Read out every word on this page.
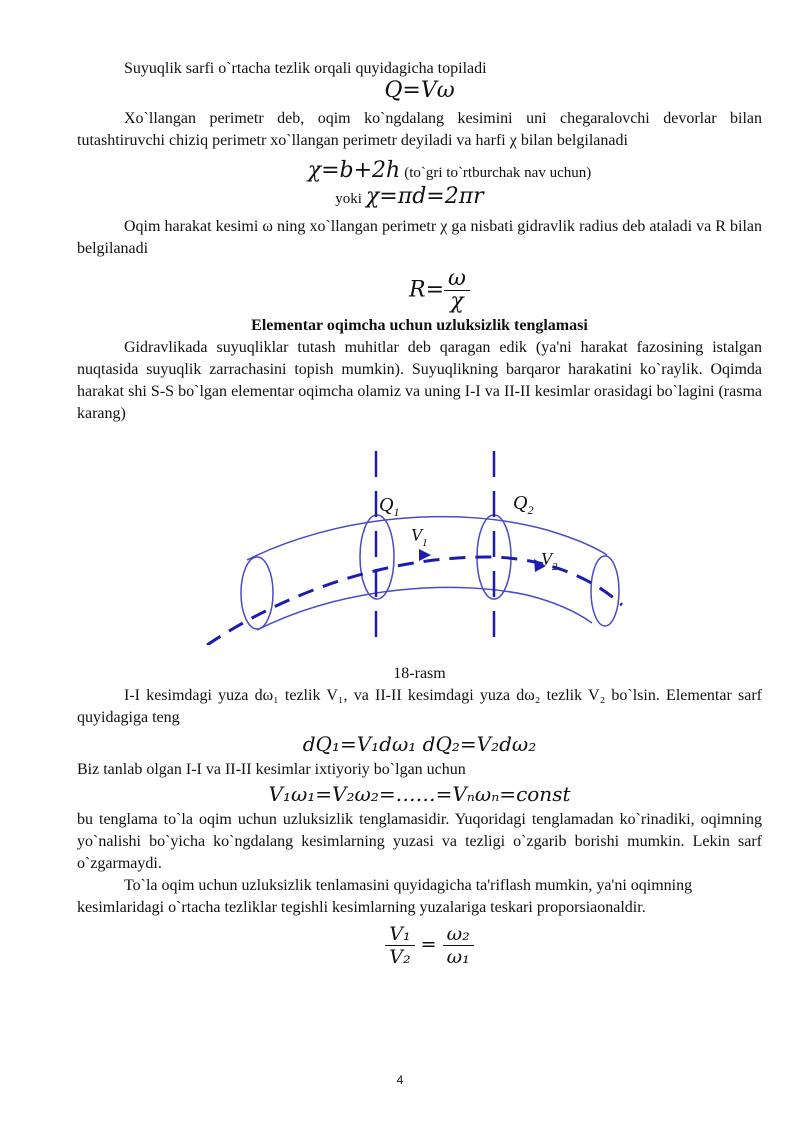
Suyuqlik sarfi o`rtacha tezlik orqali quyidagicha topiladi

Q=Vω

Xo`llangan perimetr deb, oqim ko`ngdalang kesimini uni chegaralovchi devorlar bilan tutashtiruvchi chiziq perimetr xo`llangan perimetr deyiladi va harfi χ bilan belgilanadi

χ=b+2h (to`gri to`rtburchak nav uchun)

yoki χ=πd=2πr

Oqim harakat kesimi ω ning xo`llangan perimetr χ ga nisbati gidravlik radius deb ataladi va R bilan belgilanadi

$R= \frac{\omega}{\chi}$

Elementar oqimcha uchun uzluksizlik tenglamasi

Gidravlikada suyuqliklar tutash muhitlar deb qaragan edik (ya'ni harakat fazosining istalgan nuqtasida suyuqlik zarrachasini topish mumkin). Suyuqlikning barqaror harakatini ko`raylik. Oqimda harakat shi S-S bo`lgan elementar oqimcha olamiz va uning I-I va II-II kesimlar orasidagi bo`lagini (rasma karang)

$Q_1$	$Q_2$
$V_1$
$V_2$
18-rasm

I-I kesimdagi yuza dω₁ tezlik V₁, va II-II kesimdagi yuza dω₂ tezlik V₂ bo`lsin. Elementar sarf quyidagiga teng

dQ₁=V₁dω₁ dQ₂=V₂dω₂

Biz tanlab olgan I-I va II-II kesimlar ixtiyoriy bo`lgan uchun

V₁ω₁=V₂ω₂=……=Vₙωₙ=const

bu tenglama to`la oqim uchun uzluksizlik tenglamasidir. Yuqoridagi tenglamadan ko`rinadiki, oqimning yo`nalishi bo`yicha ko`ngdalang kesimlarning yuzasi va tezligi o`zgarib borishi mumkin. Lekin sarf o`zgarmaydi.

To`la oqim uchun uzluksizlik tenlamasini quyidagicha ta'riflash mumkin, ya'ni oqimning

kesimlaridagi o`rtacha tezliklar tegishli kesimlarning yuzalariga teskari proporsiaonaldir.

$\frac{\text{V₁}}{\text{V₂}} = \frac{\text{ω₂}}{\text{ω₁}}$

4
